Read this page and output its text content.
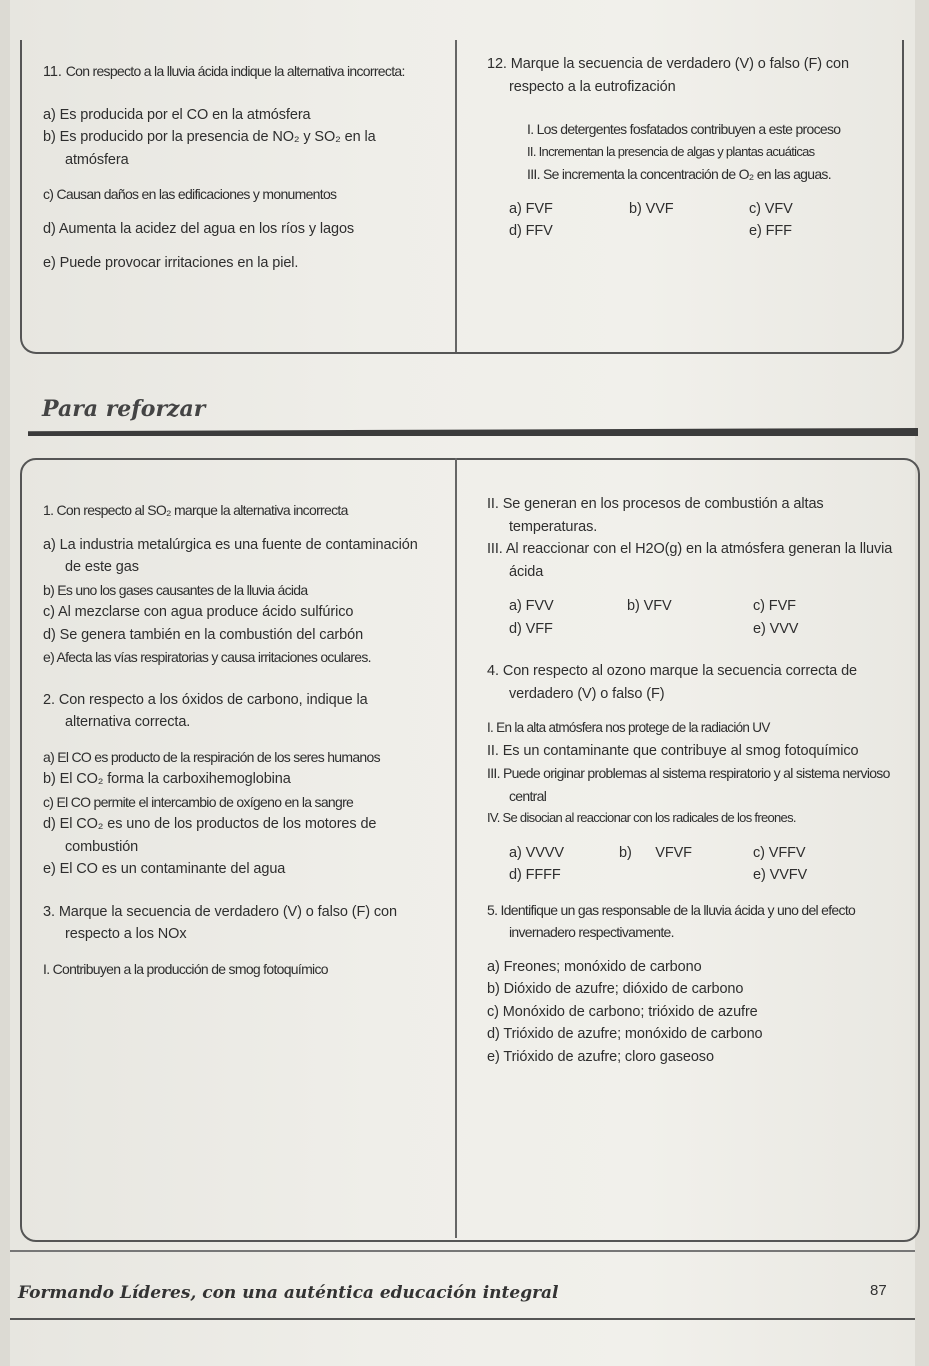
11. Con respecto a la lluvia ácida indique la alternativa incorrecta:
a) Es producida por el CO en la atmósfera
b) Es producido por la presencia de NO₂ y SO₂ en la atmósfera
c) Causan daños en las edificaciones y monumentos
d) Aumenta la acidez del agua en los ríos y lagos
e) Puede provocar irritaciones en la piel.
12. Marque la secuencia de verdadero (V) o falso (F) con respecto a la eutrofización
I. Los detergentes fosfatados contribuyen a este proceso
II. Incrementan la presencia de algas y plantas acuáticas
III. Se incrementa la concentración de O₂ en las aguas.
a) FVF	b) VVF	c) VFV
d) FFV	e) FFF
Para reforzar
1. Con respecto al SO₂ marque la alternativa incorrecta
a) La industria metalúrgica es una fuente de contaminación de este gas
b) Es uno los gases causantes de la lluvia ácida
c) Al mezclarse con agua produce ácido sulfúrico
d) Se genera también en la combustión del carbón
e) Afecta las vías respiratorias y causa irritaciones oculares.
2. Con respecto a los óxidos de carbono, indique la alternativa correcta.
a) El CO es producto de la respiración de los seres humanos
b) El CO₂ forma la carboxihemoglobina
c) El CO permite el intercambio de oxígeno en la sangre
d) El CO₂ es uno de los productos de los motores de combustión
e) El CO es un contaminante del agua
3. Marque la secuencia de verdadero (V) o falso (F) con respecto a los NOx
I. Contribuyen a la producción de smog fotoquímico
II. Se generan en los procesos de combustión a altas temperaturas.
III. Al reaccionar con el H2O(g) en la atmósfera generan la lluvia ácida
a) FVV	b) VFV	c) FVF
d) VFF	e) VVV
4. Con respecto al ozono marque la secuencia correcta de verdadero (V) o falso (F)
I. En la alta atmósfera nos protege de la radiación UV
II. Es un contaminante que contribuye al smog fotoquímico
III. Puede originar problemas al sistema respiratorio y al sistema nervioso central
IV. Se disocian al reaccionar con los radicales de los freones.
a) VVVV	b)      VFVF	c) VFFV
d) FFFF	e) VVFV
5. Identifique un gas responsable de la lluvia ácida y uno del efecto invernadero respectivamente.
a) Freones; monóxido de carbono
b) Dióxido de azufre; dióxido de carbono
c) Monóxido de carbono; trióxido de azufre
d) Trióxido de azufre; monóxido de carbono
e) Trióxido de azufre; cloro gaseoso
Formando Líderes, con una auténtica educación integral	87
